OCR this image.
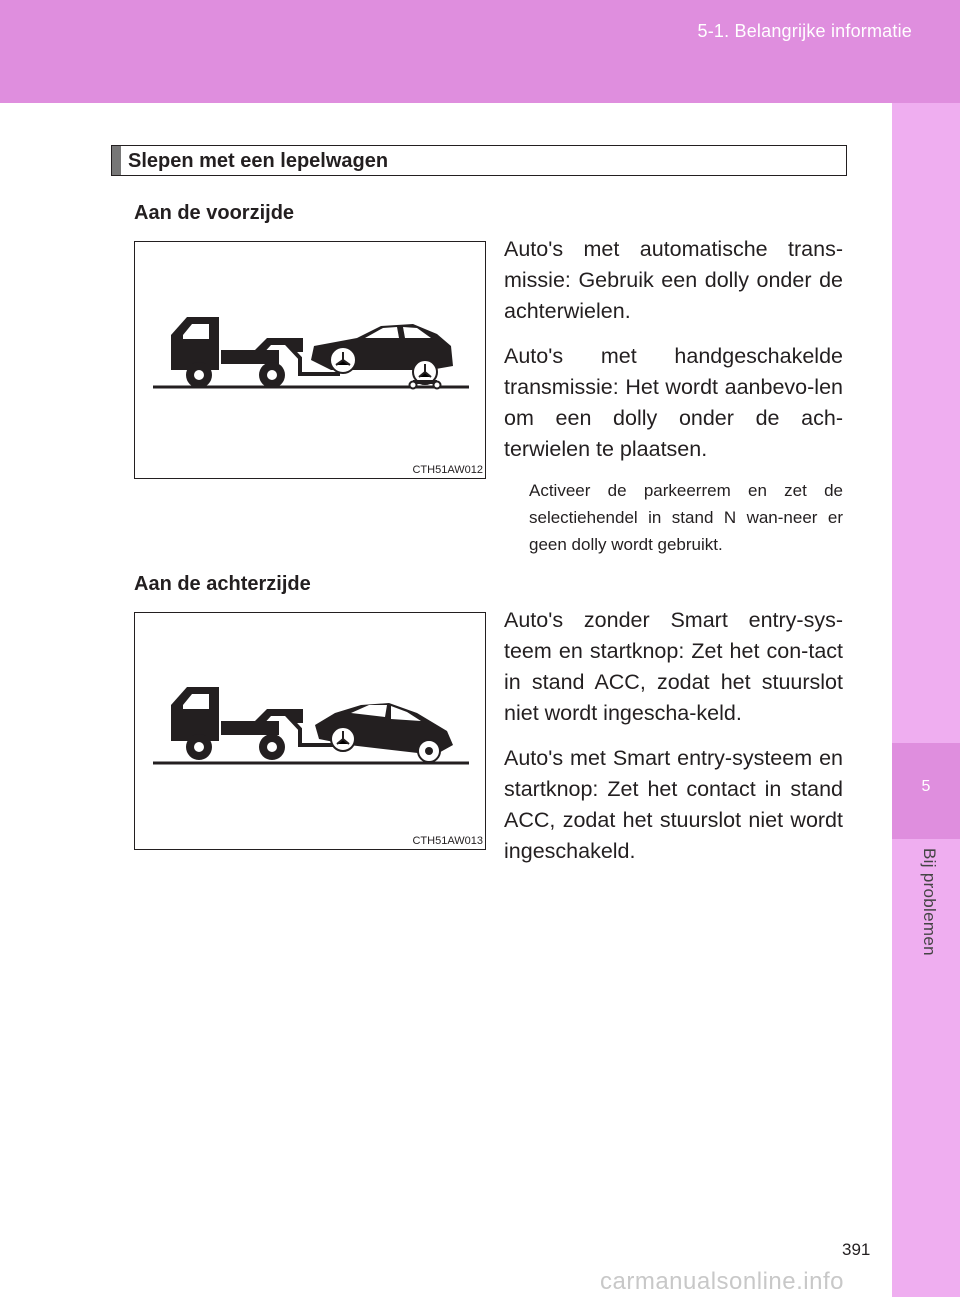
5-1. Belangrijke informatie
5
Bij problemen
Slepen met een lepelwagen
Aan de voorzijde
CTH51AW012

Auto's met automatische trans-missie: Gebruik een dolly onder de achterwielen.

Auto's met handgeschakelde transmissie: Het wordt aanbevo-len om een dolly onder de ach-terwielen te plaatsen.

Activeer de parkeerrem en zet de selectiehendel in stand N wan-neer er geen dolly wordt gebruikt.
Aan de achterzijde
CTH51AW013

Auto's zonder Smart entry-sys-teem en startknop: Zet het con-tact in stand ACC, zodat het stuurslot niet wordt ingescha-keld.

Auto's met Smart entry-systeem en startknop: Zet het contact in stand ACC, zodat het stuurslot niet wordt ingeschakeld.

391
carmanualsonline.info
